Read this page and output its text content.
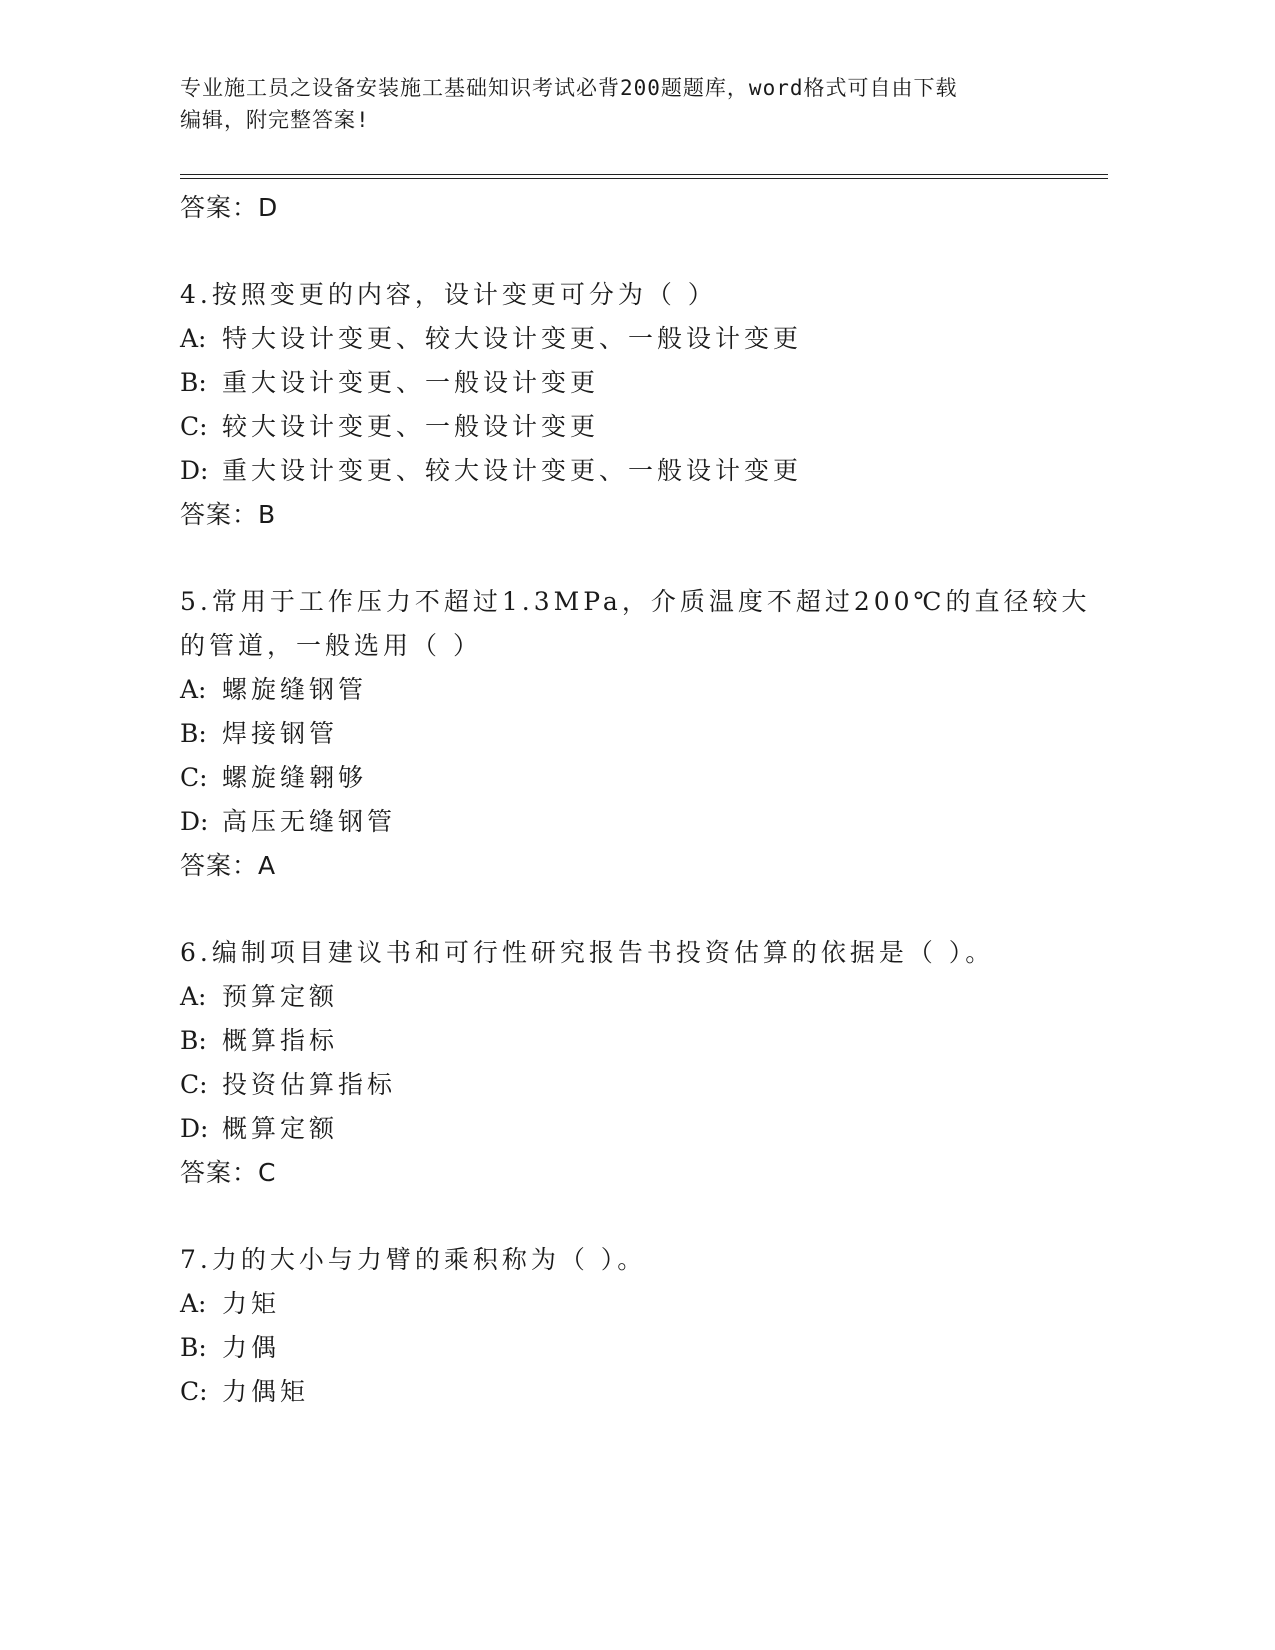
专业施工员之设备安装施工基础知识考试必背200题题库，word格式可自由下载
编辑，附完整答案!
答案：D
4.按照变更的内容，设计变更可分为（ ）
A: 特大设计变更、较大设计变更、一般设计变更
B: 重大设计变更、一般设计变更
C: 较大设计变更、一般设计变更
D: 重大设计变更、较大设计变更、一般设计变更
答案：B
5.常用于工作压力不超过1.3MPa，介质温度不超过200℃的直径较大
的管道，一般选用（ ）
A: 螺旋缝钢管
B: 焊接钢管
C: 螺旋缝翱够
D: 高压无缝钢管
答案：A
6.编制项目建议书和可行性研究报告书投资估算的依据是（ ）。
A: 预算定额
B: 概算指标
C: 投资估算指标
D: 概算定额
答案：C
7.力的大小与力臂的乘积称为（ ）。
A: 力矩
B: 力偶
C: 力偶矩
